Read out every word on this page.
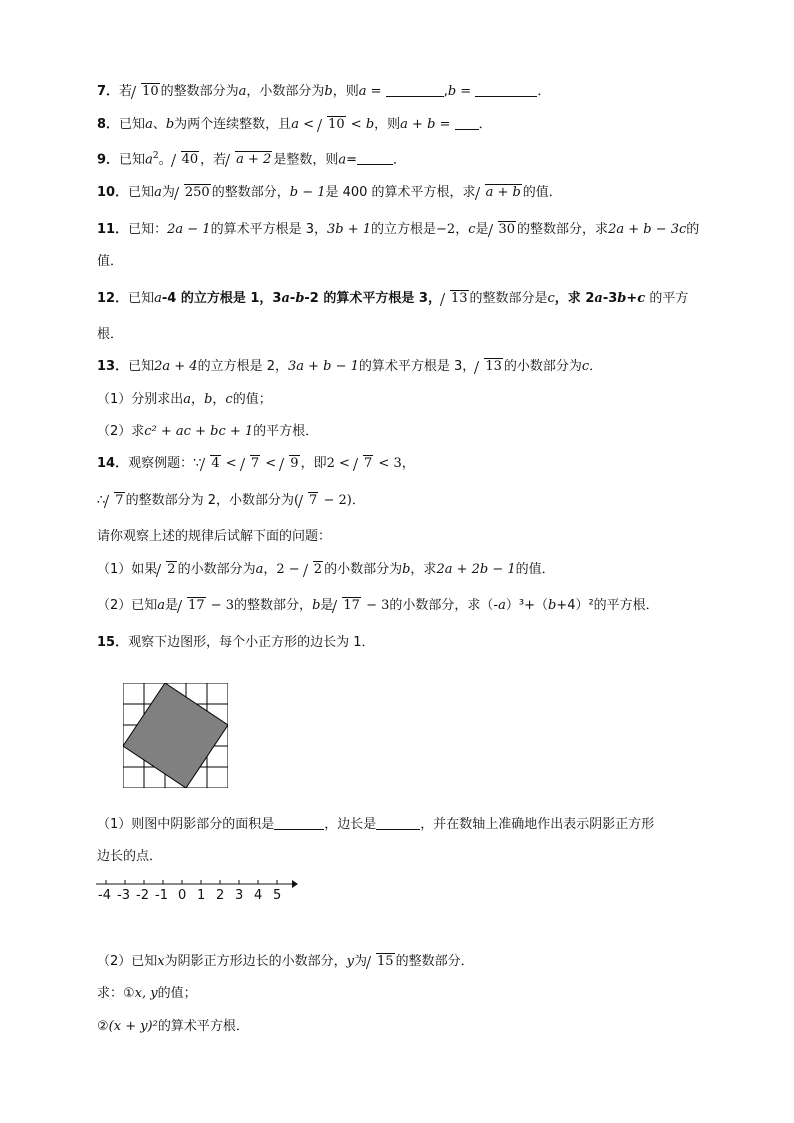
7．若 10 的整数部分为a，小数部分为b，则a =	,b =	．
8．已知a、b为两个连续整数，且a < 10 < b，则a + b = ．
9．已知$a^2$。 40 ，若 a + 2 是整数，则a=	．
10．已知a为 250 的整数部分，b − 1是 400 的算术平方根，求 a + b 的值．
11．已知：2a − 1的算术平方根是 3，3b + 1的立方根是−2，c是 30 的整数部分，求2a + b − 3c的
值．
12．已知a-4 的立方根是 1，3a-b-2 的算术平方根是 3， 13 的整数部分是c，求 2a-3b+c 的平方
根．
13．已知2a + 4的立方根是 2，3a + b − 1的算术平方根是 3， 13 的小数部分为c．
（1）分别求出a，b，c的值；
（2）求c² + ac + bc + 1的平方根．
14．观察例题：∵ 4 < 7 < 9 ，即2 < 7 < 3，
∴ 7 的整数部分为 2，小数部分为( 7 − 2)．
请你观察上述的规律后试解下面的问题：
（1）如果 2 的小数部分为a，2 − 2 的小数部分为b，求2a + 2b − 1的值．
（2）已知a是 17 − 3的整数部分，b是 17 − 3的小数部分，求（-a）³+（b+4）²的平方根．
15．观察下边图形，每个小正方形的边长为 1．
（1）则图中阴影部分的面积是	，边长是	，并在数轴上准确地作出表示阴影正方形
边长的点．
-4 -3 -2 -1 0 1 2 3 4 5
（2）已知x为阴影正方形边长的小数部分，y为 15 的整数部分．
求：①x, y的值；
②(x + y)²的算术平方根．
